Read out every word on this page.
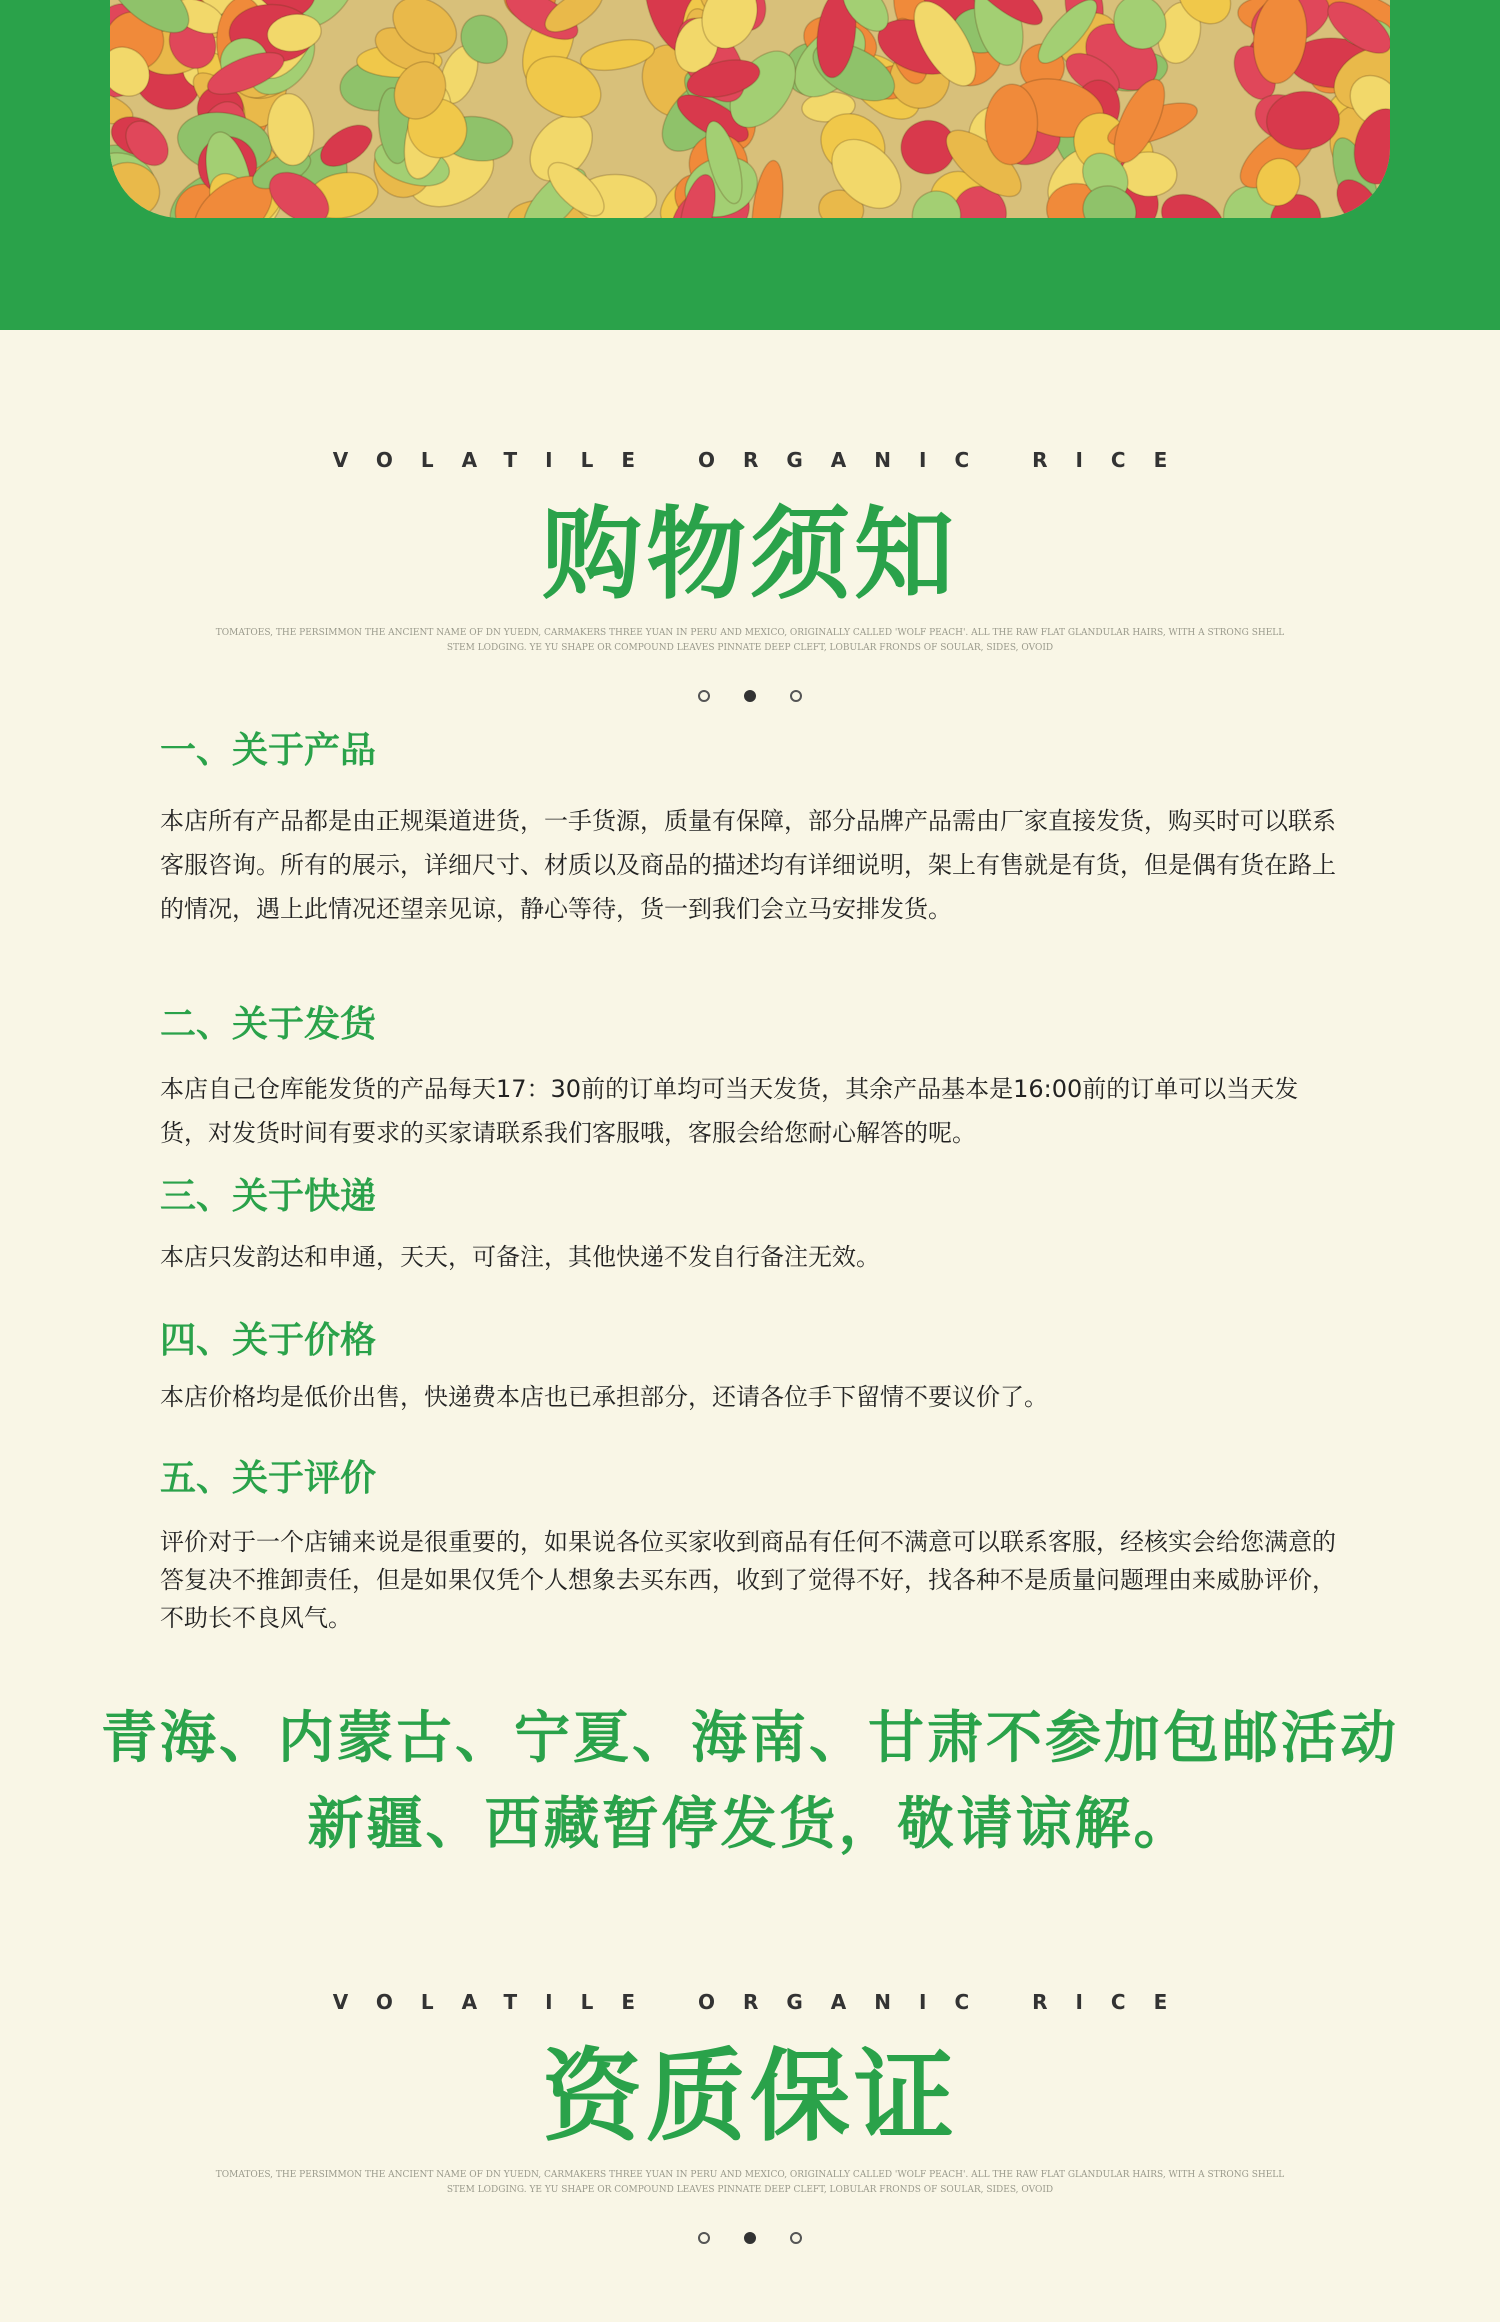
VOLATILE ORGANIC RICE
购物须知
TOMATOES, THE PERSIMMON THE ANCIENT NAME OF DN YUEDN, CARMAKERS THREE YUAN IN PERU AND MEXICO, ORIGINALLY CALLED 'WOLF PEACH'. ALL THE RAW FLAT GLANDULAR HAIRS, WITH A STRONG SHELL STEM LODGING. YE YU SHAPE OR COMPOUND LEAVES PINNATE DEEP CLEFT, LOBULAR FRONDS OF SOULAR, SIDES, OVOID
一、关于产品

本店所有产品都是由正规渠道进货，一手货源，质量有保障，部分品牌产品需由厂家直接发货，购买时可以联系客服咨询。所有的展示，详细尺寸、材质以及商品的描述均有详细说明，架上有售就是有货，但是偶有货在路上的情况，遇上此情况还望亲见谅，静心等待，货一到我们会立马安排发货。

二、关于发货

本店自己仓库能发货的产品每天17：30前的订单均可当天发货，其余产品基本是16:00前的订单可以当天发货，对发货时间有要求的买家请联系我们客服哦，客服会给您耐心解答的呢。

三、关于快递

本店只发韵达和申通，天天，可备注，其他快递不发自行备注无效。

四、关于价格

本店价格均是低价出售，快递费本店也已承担部分，还请各位手下留情不要议价了。

五、关于评价

评价对于一个店铺来说是很重要的，如果说各位买家收到商品有任何不满意可以联系客服，经核实会给您满意的答复决不推卸责任，但是如果仅凭个人想象去买东西，收到了觉得不好，找各种不是质量问题理由来威胁评价，不助长不良风气。

青海、内蒙古、宁夏、海南、甘肃不参加包邮活动
新疆、西藏暂停发货，敬请谅解。
VOLATILE ORGANIC RICE
资质保证
TOMATOES, THE PERSIMMON THE ANCIENT NAME OF DN YUEDN, CARMAKERS THREE YUAN IN PERU AND MEXICO, ORIGINALLY CALLED 'WOLF PEACH'. ALL THE RAW FLAT GLANDULAR HAIRS, WITH A STRONG SHELL STEM LODGING. YE YU SHAPE OR COMPOUND LEAVES PINNATE DEEP CLEFT, LOBULAR FRONDS OF SOULAR, SIDES, OVOID
